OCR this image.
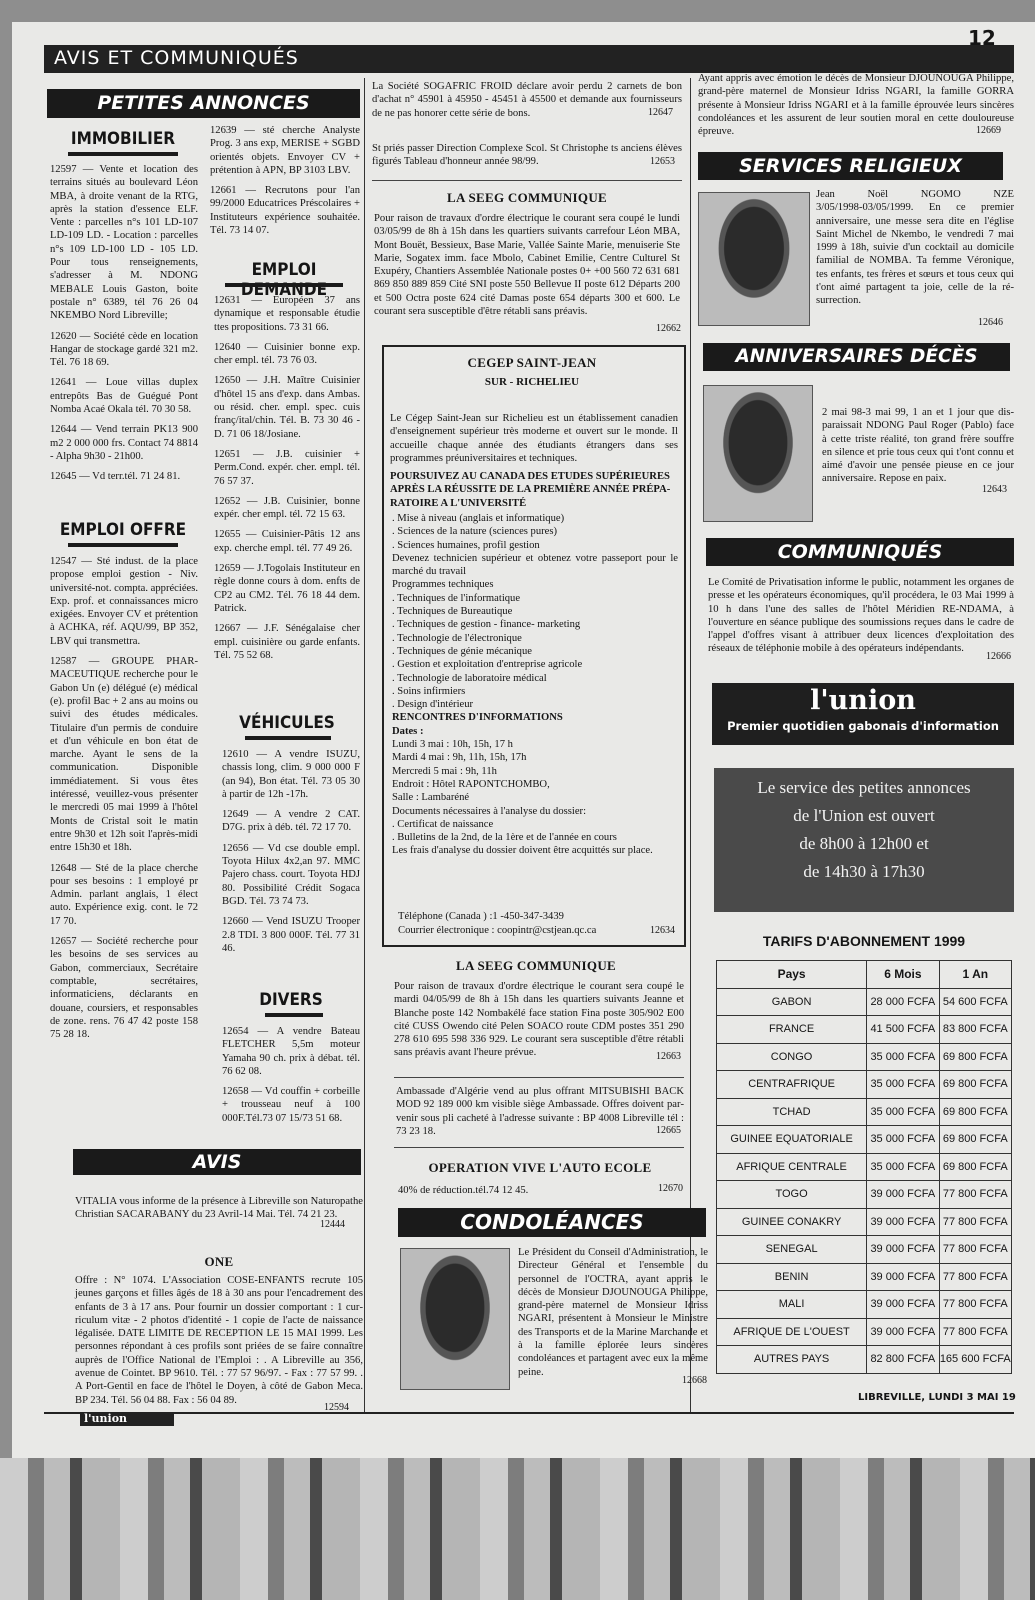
AVIS ET COMMUNIQUÉS
12
PETITES ANNONCES
IMMOBILIER

12597 — Vente et location des terrains situés au boulevard Léon MBA, à droite venant de la RTG, après la station d'essence ELF. Vente : parcelles n°s 101 LD-107 LD-109 LD. - Location : parcelles n°s 109 LD-100 LD - 105 LD. Pour tous renseignements, s'adresser à M. NDONG MEBALE Louis Gaston, boite postale n° 6389, tél 76 26 04 NKEMBO Nord Libreville;

12620 — Société cède en location Hangar de stockage gardé 321 m2. Tél. 76 18 69.

12641 — Loue villas duplex entrepôts Bas de Guégué Pont Nomba Acaé Okala tél. 70 30 58.

12644 — Vend terrain PK13 900 m2 2 000 000 frs. Contact 74 8814 - Alpha 9h30 - 21h00.

12645 — Vd terr.tél. 71 24 81.

EMPLOI OFFRE

12547 — Sté indust. de la place propose emploi gestion - Niv. université-not. compta. appréciées. Exp. prof. et connaissances micro exigées. Envoyer CV et prétention à ACHKA, réf. AQU/99, BP 352, LBV qui transmettra.

12587 — GROUPE PHARMACEUTIQUE recherche pour le Gabon Un (e) délégué (e) médical (e). profil Bac + 2 ans au moins ou suivi des études médicales. Titulaire d'un permis de conduire et d'un véhicule en bon état de marche. Ayant le sens de la communication. Disponible immédiatement. Si vous êtes intéressé, veuillez-vous présenter le mercredi 05 mai 1999 à l'hôtel Monts de Cristal soit le matin entre 9h30 et 12h soit l'après-midi entre 15h30 et 18h.

12648 — Sté de la place cherche pour ses besoins : 1 employé pr Admin. parlant anglais, 1 élect auto. Expérience exig. cont. le 72 17 70.

12657 — Société recherche pour les besoins de ses services au Gabon, commerciaux, Secrétaire comptable, secrétaires, informaticiens, déclarants en douane, coursiers, et responsables de zone. rens. 76 47 42 poste 158 75 28 18.

12639 — sté cherche Analyste Prog. 3 ans exp, MERISE + SGBD orientés objets. Envoyer CV + prétention à APN, BP 3103 LBV.

12661 — Recrutons pour l'an 99/2000 Educatrices Préscolaires + Instituteurs expérience souhaitée. Tél. 73 14 07.

EMPLOI DEMANDE

12631 — Européen 37 ans dynamique et responsable étudie ttes propositions. 73 31 66.

12640 — Cuisinier bonne exp. cher empl. tél. 73 76 03.

12650 — J.H. Maître Cuisinier d'hôtel 15 ans d'exp. dans Ambas. ou résid. cher. empl. spec. cuis franç/ital/chin. Tél. B. 73 30 46 - D. 71 06 18/Josiane.

12651 — J.B. cuisinier + Perm.Cond. expér. cher. empl. tél. 76 57 37.

12652 — J.B. Cuisinier, bonne expér. cher empl. tél. 72 15 63.

12655 — Cuisinier-Pâtis 12 ans exp. cherche empl. tél. 77 49 26.

12659 — J.Togolais Instituteur en règle donne cours à dom. enfts de CP2 au CM2. Tél. 76 18 44 dem. Patrick.

12667 — J.F. Sénégalaise cher empl. cuisinière ou garde enfants. Tél. 75 52 68.

VÉHICULES

12610 — A vendre ISUZU, chassis long, clim. 9 000 000 F (an 94), Bon état. Tél. 73 05 30 à partir de 12h -17h.

12649 — A vendre 2 CAT. D7G. prix à déb. tél. 72 17 70.

12656 — Vd cse double empl. Toyota Hilux 4x2,an 97. MMC Pajero chass. court. Toyota HDJ 80. Possibilité Crédit Sogaca BGD. Tél. 73 74 73.

12660 — Vend ISUZU Trooper 2.8 TDI. 3 800 000F. Tél. 77 31 46.

DIVERS

12654 — A vendre Bateau FLETCHER 5,5m moteur Yamaha 90 ch. prix à débat. tél. 76 62 08.

12658 — Vd couffin + corbeille + trousseau neuf à 100 000F.Tél.73 07 15/73 51 68.

AVIS
VITALIA vous informe de la présence à Libreville son Naturopathe Christian SACARABANY du 23 Avril-14 Mai. Tél. 74 21 23.
12444
ONE
Offre : N° 1074. L'Association COSE-ENFANTS recrute 105 jeunes garçons et filles âgés de 18 à 30 ans pour l'encadrement des enfants de 3 à 17 ans. Pour fournir un dossier comportant : 1 curriculum vitæ - 2 photos d'identité - 1 copie de l'acte de naissance légalisée. DATE LIMITE DE RECEPTION LE 15 MAI 1999. Les personnes répondant à ces profils sont priées de se faire connaître auprès de l'Office National de l'Emploi : . A Libreville au 356, avenue de Cointet. BP 9610. Tél. : 77 57 96/97. - Fax : 77 57 99. . A Port-Gentil en face de l'hôtel le Doyen, à côté de Gabon Meca. BP 234. Tél. 56 04 88. Fax : 56 04 89.
12594
La Société SOGAFRIC FROID déclare avoir perdu 2 carnets de bon d'achat n° 45901 à 45950 - 45451 à 45500 et demande aux fournisseurs de ne pas honorer cette série de bons.	12647
St priés passer Direction Complexe Scol. St Christophe ts anciens élèves figurés Tableau d'honneur année 98/99.	12653
LA SEEG COMMUNIQUE
Pour raison de travaux d'ordre électrique le courant sera coupé le lundi 03/05/99 de 8h à 15h dans les quartiers suivants carrefour Léon MBA, Mont Bouët, Bessieux, Base Marie, Vallée Sainte Marie, menuiserie Ste Marie, Sogatex imm. face Mbolo, Cabinet Emilie, Centre Culturel St Exupéry, Chantiers Assemblée Nationale postes 0+ +00 560 72 631 681 869 850 889 859 Cité SNI poste 550 Bellevue II poste 612 Départs 200 et 500 Octra poste 624 cité Damas poste 654 départs 300 et 600. Le courant sera susceptible d'être rétabli sans préavis.
12662
CEGEP SAINT-JEAN
SUR - RICHELIEU
Le Cégep Saint-Jean sur Richelieu est un établissement canadien d'enseignement supérieur très moderne et ouvert sur le monde. Il accueille chaque année des étudiants étrangers dans ses programmes préuniversitaires et techniques.
POURSUIVEZ AU CANADA DES ETUDES SUPÉRIEURES APRÈS LA RÉUSSITE DE LA PREMIÈRE ANNÉE PRÉPARATOIRE A L'UNIVERSITÉ
. Mise à niveau (anglais et informatique)
. Sciences de la nature (sciences pures)
. Sciences humaines, profil gestion
Devenez technicien supérieur et obtenez votre passeport pour le marché du travail
Programmes techniques
. Techniques de l'informatique
. Techniques de Bureautique
. Techniques de gestion - finance- marketing
. Technologie de l'électronique
. Techniques de génie mécanique
. Gestion et exploitation d'entreprise agricole
. Technologie de laboratoire médical
. Soins infirmiers
. Design d'intérieur
RENCONTRES D'INFORMATIONS
Dates :
Lundi 3 mai : 10h, 15h, 17 h
Mardi 4 mai : 9h, 11h, 15h, 17h
Mercredi 5 mai : 9h, 11h
Endroit : Hôtel RAPONTCHOMBO,
Salle : Lambaréné
Documents nécessaires à l'analyse du dossier:
. Certificat de naissance
. Bulletins de la 2nd, de la 1ère et de l'année en cours
Les frais d'analyse du dossier doivent être acquittés sur place.
Téléphone (Canada ) :1 -450-347-3439
Courrier électronique : coopintr@cstjean.qc.ca	12634
LA SEEG COMMUNIQUE
Pour raison de travaux d'ordre électrique le courant sera coupé le mardi 04/05/99 de 8h à 15h dans les quartiers suivants Jeanne et Blanche poste 142 Nombakélé face station Fina poste 305/902 E00 cité CUSS Owendo cité Pelen SOACO route CDM postes 351 290 278 610 695 598 336 929. Le courant sera susceptible d'être rétabli sans préavis avant l'heure prévue.	12663
Ambassade d'Algérie vend au plus offrant MITSUBISHI BACK MOD 92 189 000 km visible siège Ambassade. Offres doivent parvenir sous pli cacheté à l'adresse suivante : BP 4008 Libreville tél : 73 23 18.	12665
OPERATION VIVE L'AUTO ECOLE
40% de réduction.tél.74 12 45.	12670
CONDOLÉANCES
Le Président du Conseil d'Administration, le Directeur Général et l'ensemble du personnel de l'OCTRA, ayant appris le décès de Monsieur DJOUNOUGA Philippe, grand-père maternel de Monsieur Idriss NGARI, présentent à Monsieur le Ministre des Transports et de la Marine Marchande et à la famille éplorée leurs sincères condoléances et partagent avec eux la même peine.
12668
Ayant appris avec émotion le décès de Monsieur DJOUNOUGA Philippe, grand-père maternel de Monsieur Idriss NGARI, la famille GORRA présente à Monsieur Idriss NGARI et à la famille éprouvée leurs sincères condoléances et les assurent de leur soutien moral en cette douloureuse épreuve.	12669
SERVICES RELIGIEUX
Jean Noël NGOMO NZE 3/05/1998-03/05/1999. En ce premier anniversaire, une messe sera dite en l'église Saint Michel de Nkembo, le vendredi 7 mai 1999 à 18h, suivie d'un cocktail au domicile familial de NOMBA. Ta femme Véronique, tes enfants, tes frères et sœurs et tous ceux qui t'ont aimé partagent ta joie, celle de la résurrection.
12646
ANNIVERSAIRES DÉCÈS
2 mai 98-3 mai 99, 1 an et 1 jour que disparaissait NDONG Paul Roger (Pablo) face à cette triste réalité, ton grand frère souffre en silence et prie tous ceux qui t'ont connu et aimé d'avoir une pensée pieuse en ce jour anniversaire. Repose en paix.
12643
COMMUNIQUÉS
Le Comité de Privatisation informe le public, notamment les organes de presse et les opérateurs économiques, qu'il procédera, le 03 Mai 1999 à 10 h dans l'une des salles de l'hôtel Méridien RE-NDAMA, à l'ouverture en séance publique des soumissions reçues dans le cadre de l'appel d'offres visant à attribuer deux licences d'exploitation des réseaux de téléphonie mobile à des opérateurs indépendants.
12666
l'union
Premier quotidien gabonais d'information
Le service des petites annonces
de l'Union est ouvert
de 8h00 à 12h00 et
de 14h30 à 17h30
TARIFS D'ABONNEMENT 1999
Pays	6 Mois	1 An
GABON	28 000 FCFA	54 600 FCFA
FRANCE	41 500 FCFA	83 800 FCFA
CONGO	35 000 FCFA	69 800 FCFA
CENTRAFRIQUE	35 000 FCFA	69 800 FCFA
TCHAD	35 000 FCFA	69 800 FCFA
GUINEE EQUATORIALE	35 000 FCFA	69 800 FCFA
AFRIQUE CENTRALE	35 000 FCFA	69 800 FCFA
TOGO	39 000 FCFA	77 800 FCFA
GUINEE CONAKRY	39 000 FCFA	77 800 FCFA
SENEGAL	39 000 FCFA	77 800 FCFA
BENIN	39 000 FCFA	77 800 FCFA
MALI	39 000 FCFA	77 800 FCFA
AFRIQUE DE L'OUEST	39 000 FCFA	77 800 FCFA
AUTRES PAYS	82 800 FCFA	165 600 FCFA
l'union
LIBREVILLE, LUNDI 3 MAI 19
